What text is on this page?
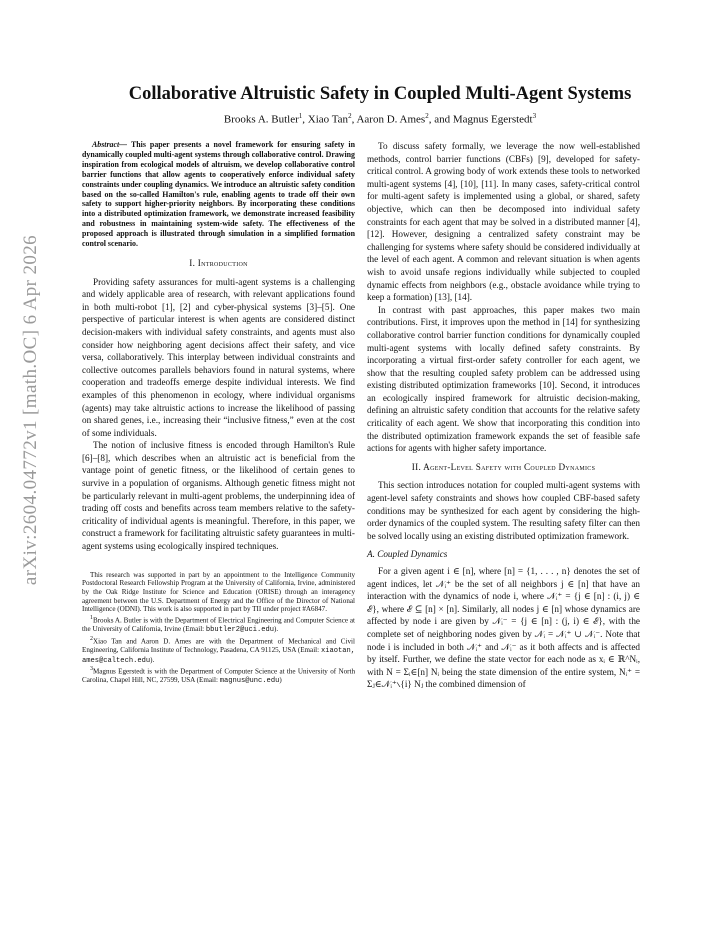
arXiv:2604.04772v1 [math.OC] 6 Apr 2026
Collaborative Altruistic Safety in Coupled Multi-Agent Systems
Brooks A. Butler$^1$, Xiao Tan$^2$, Aaron D. Ames$^2$, and Magnus Egerstedt$^3$

Abstract— This paper presents a novel framework for ensuring safety in dynamically coupled multi-agent systems through collaborative control. Drawing inspiration from ecological models of altruism, we develop collaborative control barrier functions that allow agents to cooperatively enforce individual safety constraints under coupling dynamics. We introduce an altruistic safety condition based on the so-called Hamilton's rule, enabling agents to trade off their own safety to support higher-priority neighbors. By incorporating these conditions into a distributed optimization framework, we demonstrate increased feasibility and robustness in maintaining system-wide safety. The effectiveness of the proposed approach is illustrated through simulation in a simplified formation control scenario.

I. Introduction

Providing safety assurances for multi-agent systems is a challenging and widely applicable area of research, with relevant applications found in both multi-robot [1], [2] and cyber-physical systems [3]–[5]. One perspective of particular interest is when agents are considered distinct decision-makers with individual safety constraints, and agents must also consider how neighboring agent decisions affect their safety, and vice versa, collaboratively. This interplay between individual constraints and collective outcomes parallels behaviors found in natural systems, where cooperation and tradeoffs emerge despite individual interests. We find examples of this phenomenon in ecology, where individual organisms (agents) may take altruistic actions to increase the likelihood of passing on shared genes, i.e., increasing their “inclusive fitness,” even at the cost of some individuals.

The notion of inclusive fitness is encoded through Hamilton's Rule [6]–[8], which describes when an altruistic act is beneficial from the vantage point of genetic fitness, or the likelihood of certain genes to survive in a population of organisms. Although genetic fitness might not be particularly relevant in multi-agent problems, the underpinning idea of trading off costs and benefits across team members relative to the safety-criticality of individual agents is meaningful. Therefore, in this paper, we construct a framework for facilitating altruistic safety guarantees in multi-agent systems using ecologically inspired techniques.

This research was supported in part by an appointment to the Intelligence Community Postdoctoral Research Fellowship Program at the University of California, Irvine, administered by the Oak Ridge Institute for Science and Education (ORISE) through an interagency agreement between the U.S. Department of Energy and the Office of the Director of National Intelligence (ODNI). This work is also supported in part by TII under project #A6847.

$^1$Brooks A. Butler is with the Department of Electrical Engineering and Computer Science at the University of California, Irvine (Email: bbutler2@uci.edu).

$^2$Xiao Tan and Aaron D. Ames are with the Department of Mechanical and Civil Engineering, California Institute of Technology, Pasadena, CA 91125, USA (Email: xiaotan, ames@caltech.edu).

$^3$Magnus Egerstedt is with the Department of Computer Science at the University of North Carolina, Chapel Hill, NC, 27599, USA (Email: magnus@unc.edu)

To discuss safety formally, we leverage the now well-established methods, control barrier functions (CBFs) [9], developed for safety-critical control. A growing body of work extends these tools to networked multi-agent systems [4], [10], [11]. In many cases, safety-critical control for multi-agent safety is implemented using a global, or shared, safety objective, which can then be decomposed into individual safety constraints for each agent that may be solved in a distributed manner [4], [12]. However, designing a centralized safety constraint may be challenging for systems where safety should be considered individually at the level of each agent. A common and relevant situation is when agents wish to avoid unsafe regions individually while subjected to coupled dynamic effects from neighbors (e.g., obstacle avoidance while trying to keep a formation) [13], [14].

In contrast with past approaches, this paper makes two main contributions. First, it improves upon the method in [14] for synthesizing collaborative control barrier function conditions for dynamically coupled multi-agent systems with locally defined safety constraints. By incorporating a virtual first-order safety controller for each agent, we show that the resulting coupled safety problem can be addressed using existing distributed optimization frameworks [10]. Second, it introduces an ecologically inspired framework for altruistic decision-making, defining an altruistic safety condition that accounts for the relative safety criticality of each agent. We show that incorporating this condition into the distributed optimization framework expands the set of feasible safe actions for agents with higher safety importance.

II. Agent-Level Safety with Coupled Dynamics

This section introduces notation for coupled multi-agent systems with agent-level safety constraints and shows how coupled CBF-based safety conditions may be synthesized for each agent by considering the high-order dynamics of the coupled system. The resulting safety filter can then be solved locally using an existing distributed optimization framework.

A. Coupled Dynamics

For a given agent i ∈ [n], where [n] = {1, . . . , n} denotes the set of agent indices, let 𝒩ᵢ⁺ be the set of all neighbors j ∈ [n] that have an interaction with the dynamics of node i, where 𝒩ᵢ⁺ = {j ∈ [n] : (i, j) ∈ ℰ}, where ℰ ⊆ [n] × [n]. Similarly, all nodes j ∈ [n] whose dynamics are affected by node i are given by 𝒩ᵢ⁻ = {j ∈ [n] : (j, i) ∈ ℰ}, with the complete set of neighboring nodes given by 𝒩ᵢ = 𝒩ᵢ⁺ ∪ 𝒩ᵢ⁻. Note that node i is included in both 𝒩ᵢ⁺ and 𝒩ᵢ⁻ as it both affects and is affected by itself. Further, we define the state vector for each node as xᵢ ∈ ℝ^Nᵢ, with N = Σᵢ∈[n] Nᵢ being the state dimension of the entire system, Nᵢ⁺ = Σⱼ∈𝒩ᵢ⁺∖{i} Nⱼ the combined dimension of
